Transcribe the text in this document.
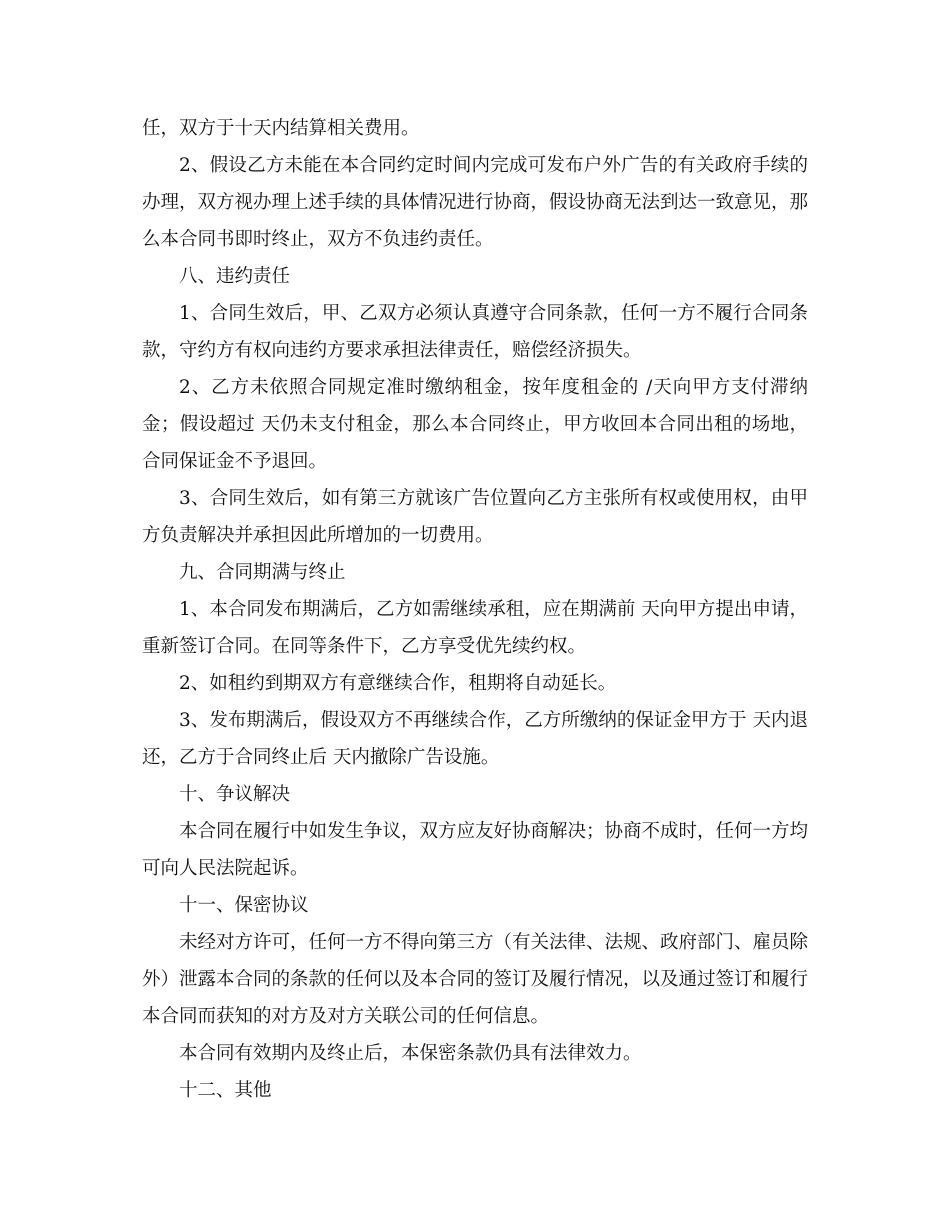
任，双方于十天内结算相关费用。

2、假设乙方未能在本合同约定时间内完成可发布户外广告的有关政府手续的办理，双方视办理上述手续的具体情况进行协商，假设协商无法到达一致意见，那么本合同书即时终止，双方不负违约责任。

八、违约责任

1、合同生效后，甲、乙双方必须认真遵守合同条款，任何一方不履行合同条款，守约方有权向违约方要求承担法律责任，赔偿经济损失。

2、乙方未依照合同规定准时缴纳租金，按年度租金的 /天向甲方支付滞纳金；假设超过 天仍未支付租金，那么本合同终止，甲方收回本合同出租的场地，合同保证金不予退回。

3、合同生效后，如有第三方就该广告位置向乙方主张所有权或使用权，由甲方负责解决并承担因此所增加的一切费用。

九、合同期满与终止

1、本合同发布期满后，乙方如需继续承租，应在期满前 天向甲方提出申请，重新签订合同。在同等条件下，乙方享受优先续约权。

2、如租约到期双方有意继续合作，租期将自动延长。

3、发布期满后，假设双方不再继续合作，乙方所缴纳的保证金甲方于 天内退还，乙方于合同终止后 天内撤除广告设施。

十、争议解决

本合同在履行中如发生争议，双方应友好协商解决；协商不成时，任何一方均可向人民法院起诉。

十一、保密协议

未经对方许可，任何一方不得向第三方（有关法律、法规、政府部门、雇员除外）泄露本合同的条款的任何以及本合同的签订及履行情况，以及通过签订和履行本合同而获知的对方及对方关联公司的任何信息。

本合同有效期内及终止后，本保密条款仍具有法律效力。

十二、其他
